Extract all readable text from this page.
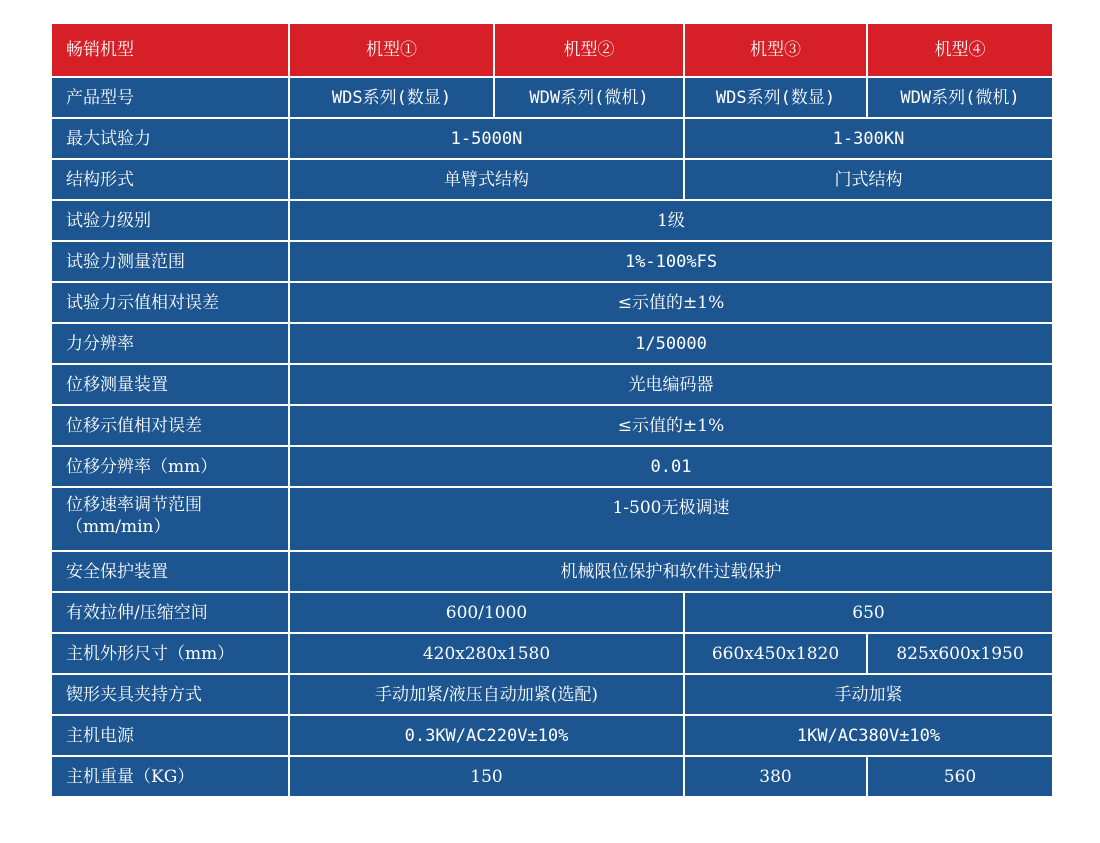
畅销机型	机型①	机型②	机型③	机型④
产品型号	WDS系列(数显)	WDW系列(微机)	WDS系列(数显)	WDW系列(微机)
最大试验力	1-5000N		1-300KN	
结构形式	单臂式结构		门式结构	
试验力级别	1级			
试验力测量范围	1%-100%FS			
试验力示值相对误差	≤示值的±1%			
力分辨率	1/50000			
位移测量装置	光电编码器			
位移示值相对误差	≤示值的±1%			
位移分辨率（mm）	0.01			

位移速率调节范围
（mm/min）	1-500无极调速			
安全保护装置	机械限位保护和软件过载保护			
有效拉伸/压缩空间	600/1000		650	
主机外形尺寸（mm）	420x280x1580		660x450x1820	825x600x1950
锲形夹具夹持方式	手动加紧/液压自动加紧(选配)		手动加紧	
主机电源	0.3KW/AC220V±10%		1KW/AC380V±10%	
主机重量（KG）	150		380	560
